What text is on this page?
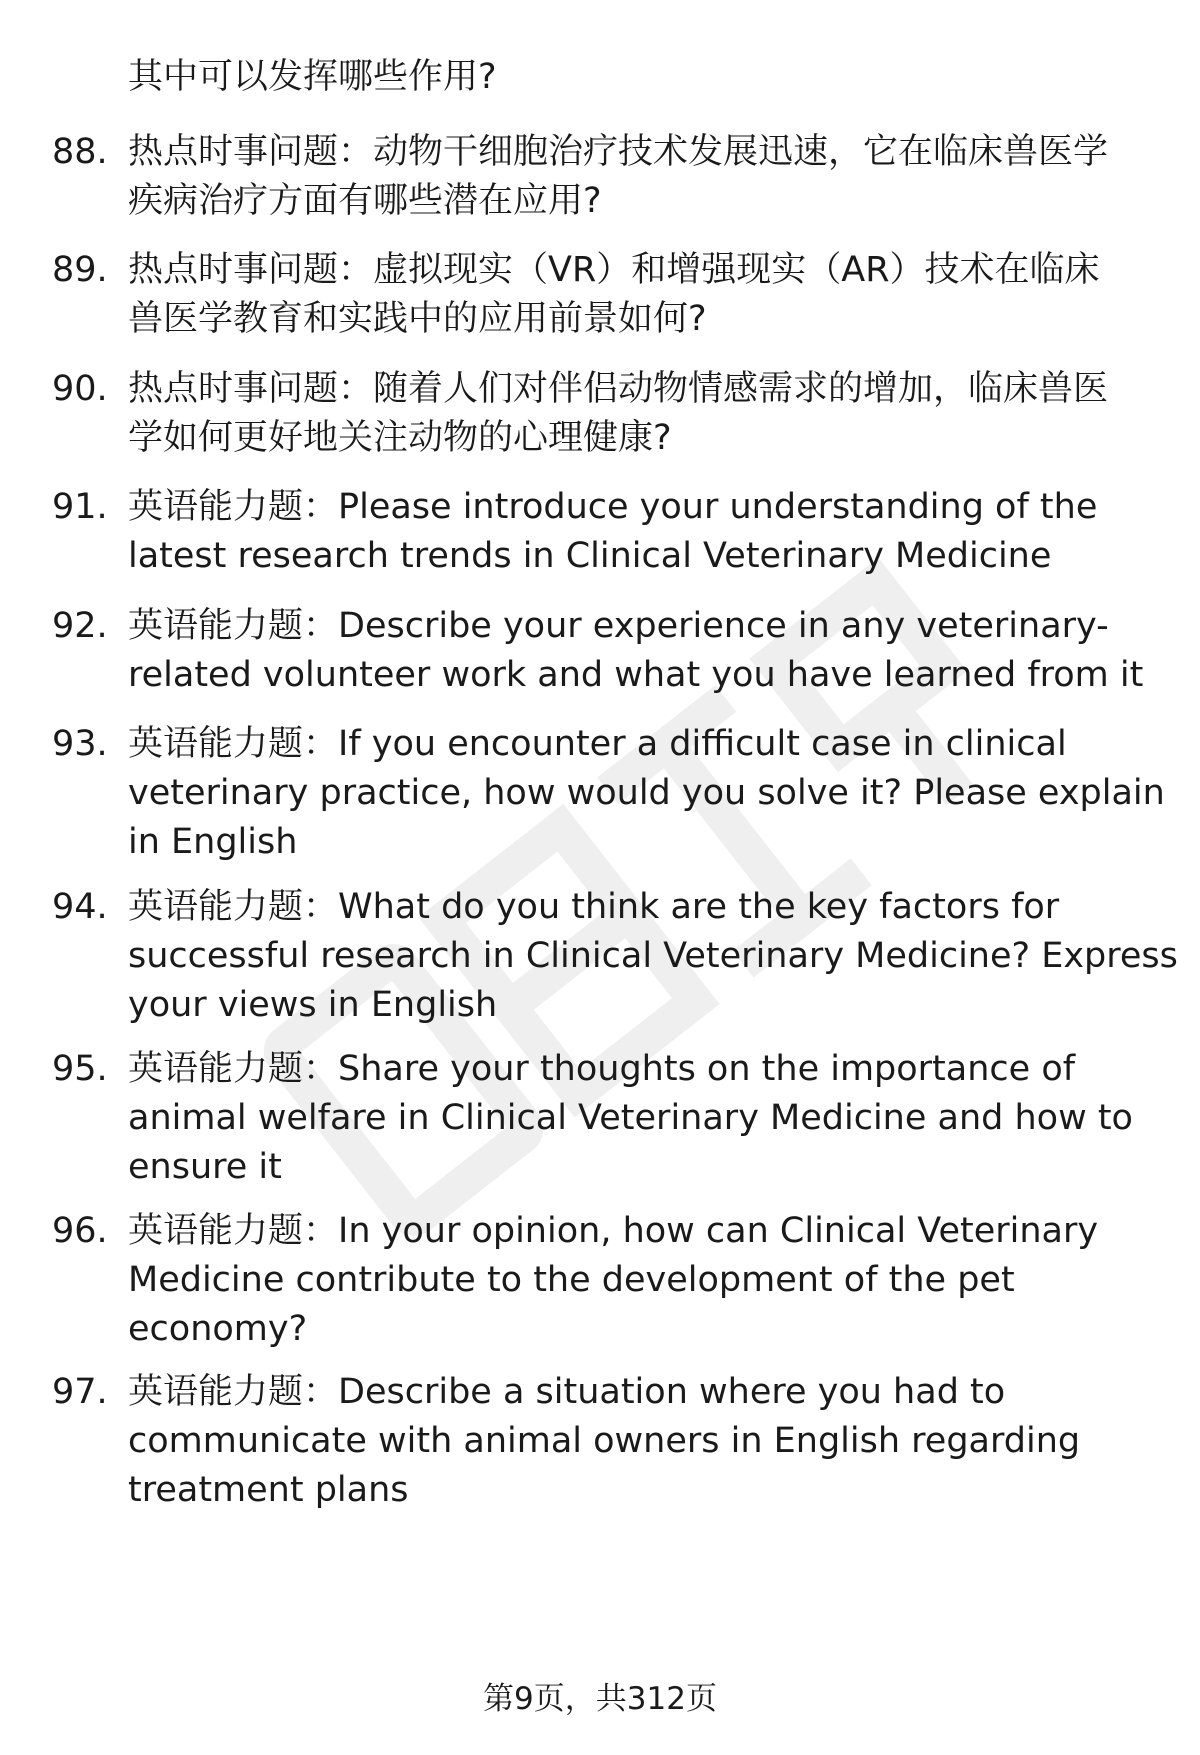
其中可以发挥哪些作用?
88. 热点时事问题：动物干细胞治疗技术发展迅速，它在临床兽医学
疾病治疗方面有哪些潜在应用?
89. 热点时事问题：虚拟现实（VR）和增强现实（AR）技术在临床
兽医学教育和实践中的应用前景如何?
90. 热点时事问题：随着人们对伴侣动物情感需求的增加，临床兽医
学如何更好地关注动物的心理健康?
91. 英语能力题：Please introduce your understanding of the
latest research trends in Clinical Veterinary Medicine
92. 英语能力题：Describe your experience in any veterinary-
related volunteer work and what you have learned from it
93. 英语能力题：If you encounter a difficult case in clinical
veterinary practice, how would you solve it? Please explain
in English
94. 英语能力题：What do you think are the key factors for
successful research in Clinical Veterinary Medicine? Express
your views in English
95. 英语能力题：Share your thoughts on the importance of
animal welfare in Clinical Veterinary Medicine and how to
ensure it
96. 英语能力题：In your opinion, how can Clinical Veterinary
Medicine contribute to the development of the pet
economy?
97. 英语能力题：Describe a situation where you had to
communicate with animal owners in English regarding
treatment plans
第9页，共312页
